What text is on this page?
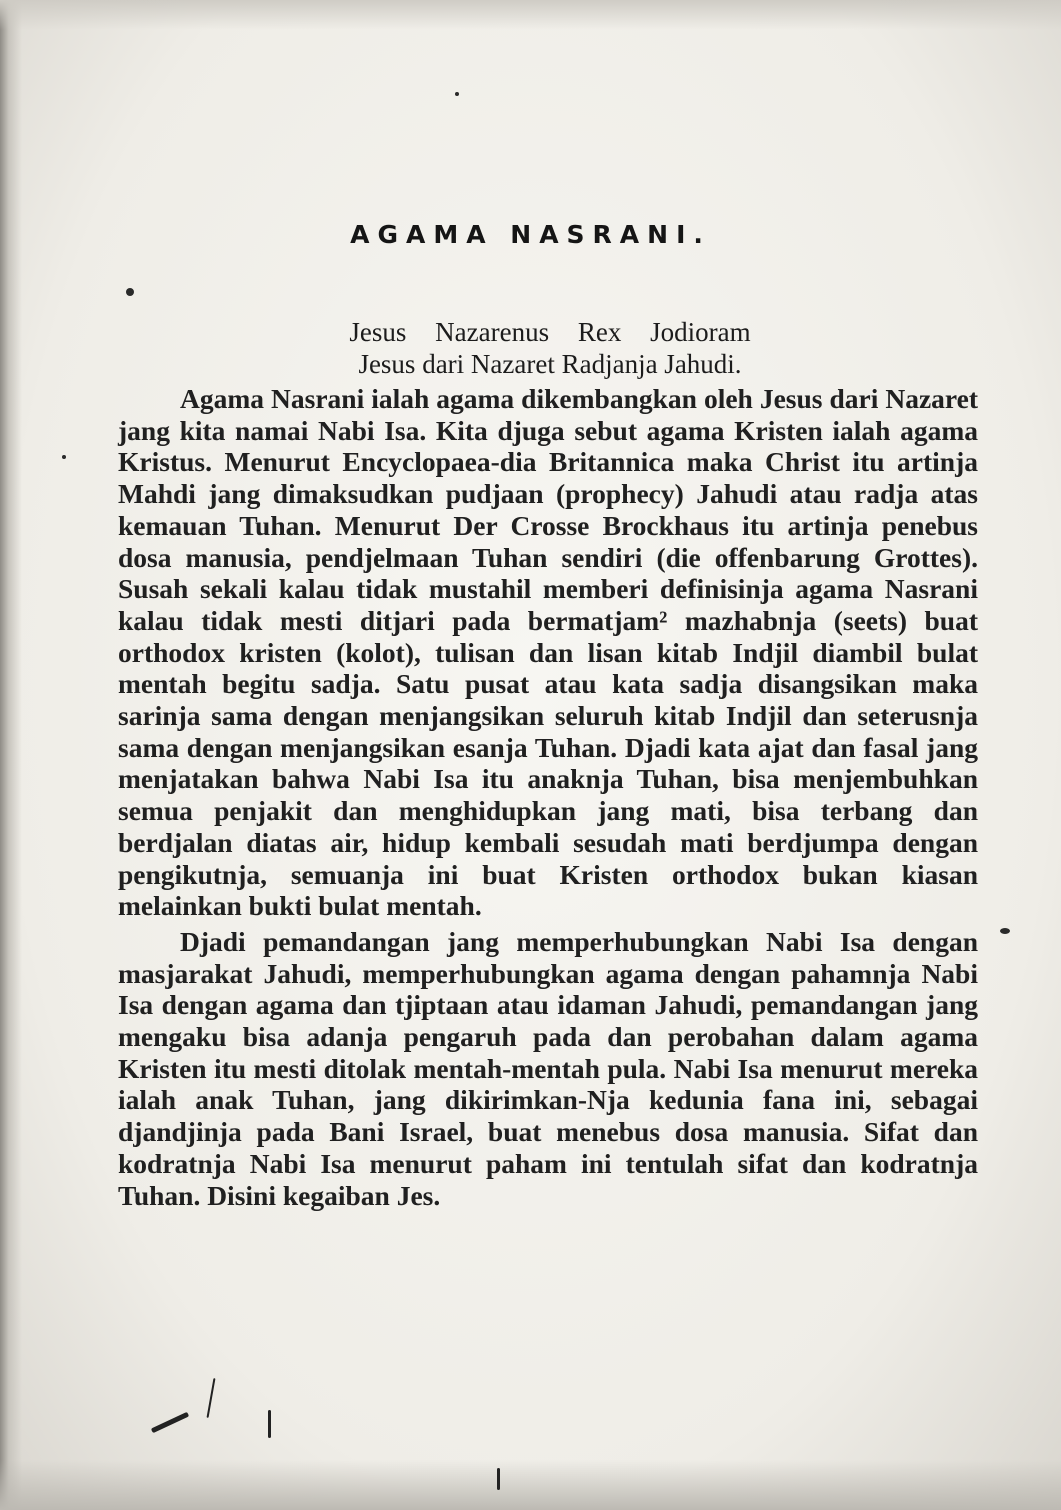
AGAMA NASRANI.
Jesus Nazarenus Rex Jodioram
Jesus dari Nazaret Radjanja Jahudi.

Agama Nasrani ialah agama dikembangkan oleh Jesus dari Nazaret jang kita namai Nabi Isa. Kita djuga sebut agama Kristen ialah agama Kristus. Menurut Encyclopaea-dia Britannica maka Christ itu artinja Mahdi jang dimaksudkan pudjaan (prophecy) Jahudi atau radja atas kemauan Tuhan. Menurut Der Crosse Brockhaus itu artinja penebus dosa manusia, pendjelmaan Tuhan sendiri (die offenbarung Grottes). Susah sekali kalau tidak mustahil memberi definisinja agama Nasrani kalau tidak mesti ditjari pada bermatjam² mazhabnja (seets) buat orthodox kristen (kolot), tulisan dan lisan kitab Indjil diambil bulat mentah begitu sadja. Satu pusat atau kata sadja disangsikan maka sarinja sama dengan menjangsikan seluruh kitab Indjil dan seterusnja sama dengan menjangsikan esanja Tuhan. Djadi kata ajat dan fasal jang menjatakan bahwa Nabi Isa itu anaknja Tuhan, bisa menjembuhkan semua penjakit dan menghidupkan jang mati, bisa terbang dan berdjalan diatas air, hidup kembali sesudah mati berdjumpa dengan pengikutnja, semuanja ini buat Kristen orthodox bukan kiasan melainkan bukti bulat mentah.

Djadi pemandangan jang memperhubungkan Nabi Isa dengan masjarakat Jahudi, memperhubungkan agama dengan pahamnja Nabi Isa dengan agama dan tjiptaan atau idaman Jahudi, pemandangan jang mengaku bisa adanja pengaruh pada dan perobahan dalam agama Kristen itu mesti ditolak mentah-mentah pula. Nabi Isa menurut mereka ialah anak Tuhan, jang dikirimkan-Nja kedunia fana ini, sebagai djandjinja pada Bani Israel, buat menebus dosa manusia. Sifat dan kodratnja Nabi Isa menurut paham ini tentulah sifat dan kodratnja Tuhan. Disini kegaiban Jes.
